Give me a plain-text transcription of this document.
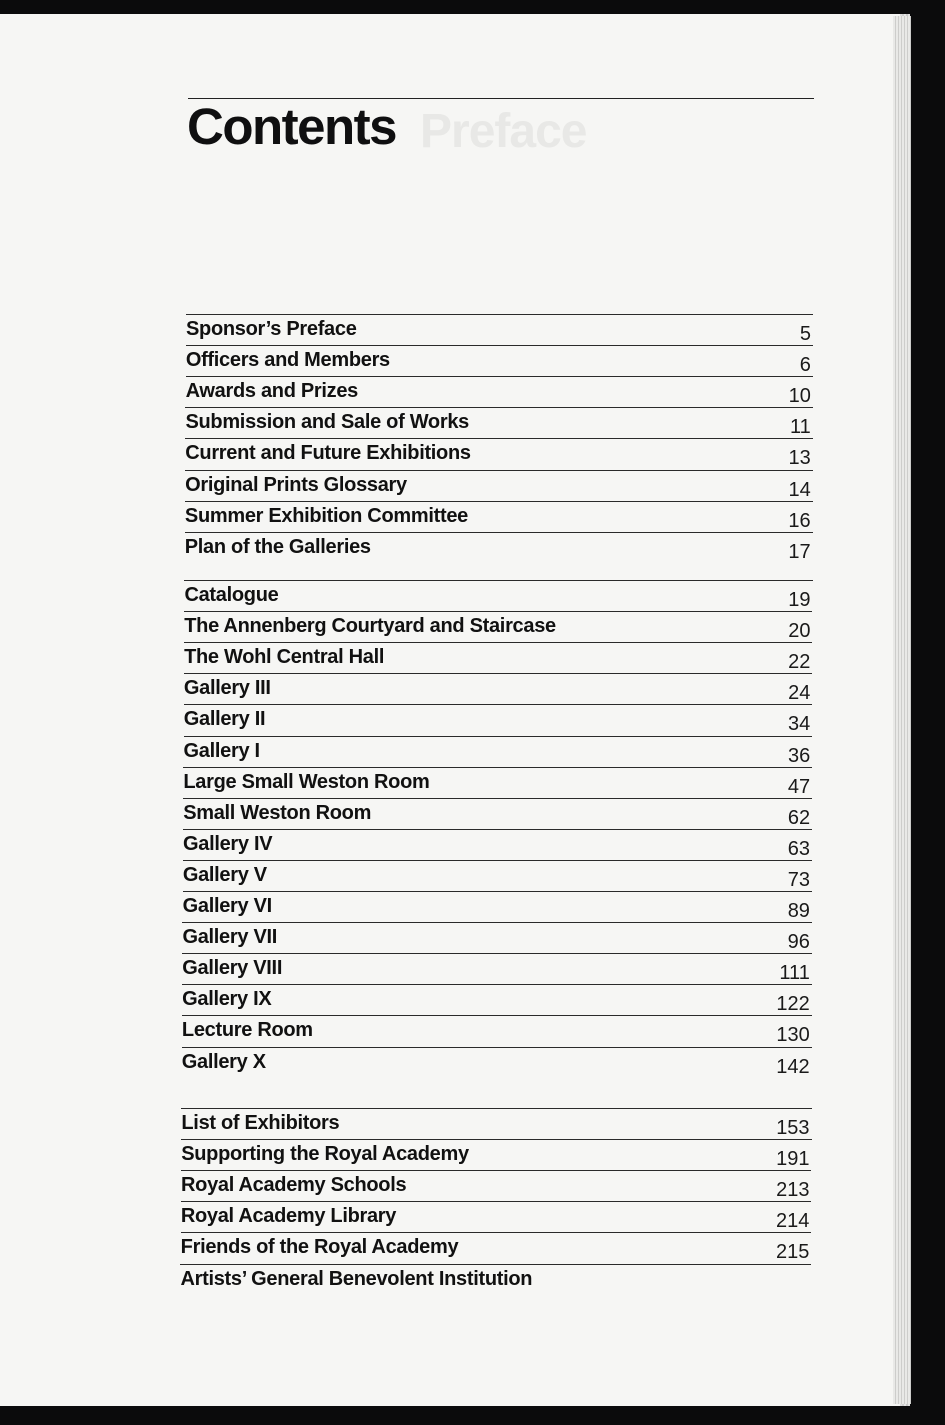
Preface
Contents
Sponsor’s Preface	5
Officers and Members	6
Awards and Prizes	10
Submission and Sale of Works	11
Current and Future Exhibitions	13
Original Prints Glossary	14
Summer Exhibition Committee	16
Plan of the Galleries	17
Catalogue	19
The Annenberg Courtyard and Staircase	20
The Wohl Central Hall	22
Gallery III	24
Gallery II	34
Gallery I	36
Large Small Weston Room	47
Small Weston Room	62
Gallery IV	63
Gallery V	73
Gallery VI	89
Gallery VII	96
Gallery VIII	111
Gallery IX	122
Lecture Room	130
Gallery X	142
List of Exhibitors	153
Supporting the Royal Academy	191
Royal Academy Schools	213
Royal Academy Library	214
Friends of the Royal Academy	215
Artists’ General Benevolent Institution
